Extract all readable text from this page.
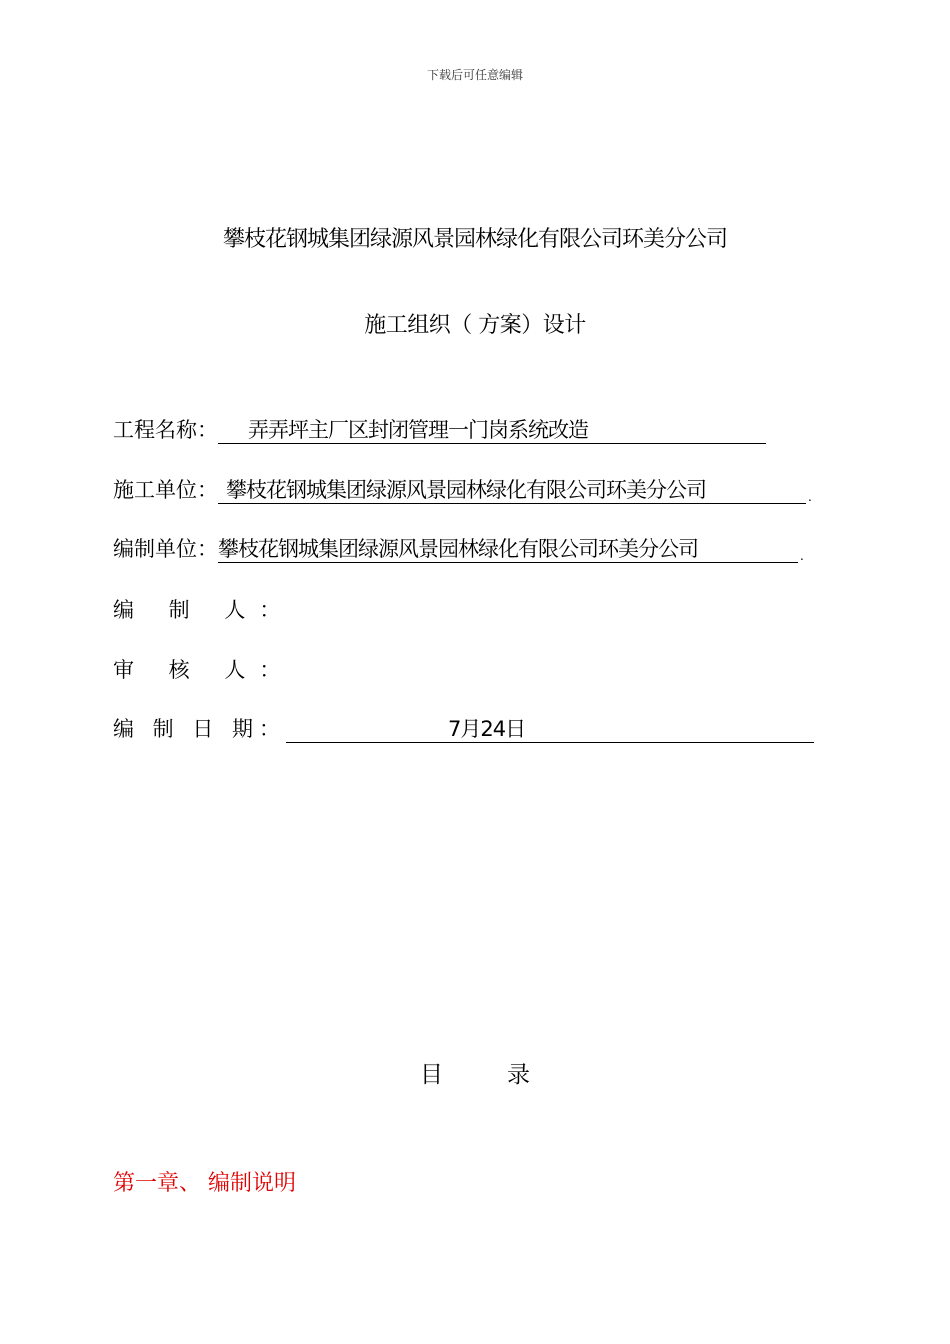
下载后可任意编辑
攀枝花钢城集团绿源风景园林绿化有限公司环美分公司
施工组织（ 方案）设计
工程名称：	弄弄坪主厂区封闭管理一门岗系统改造
施工单位： 攀枝花钢城集团绿源风景园林绿化有限公司环美分公司	.
编制单位： 攀枝花钢城集团绿源风景园林绿化有限公司环美分公司	.
编 制 人：
审 核 人：
编 制 日 期：	7月24日
目录
第一章、 编制说明
